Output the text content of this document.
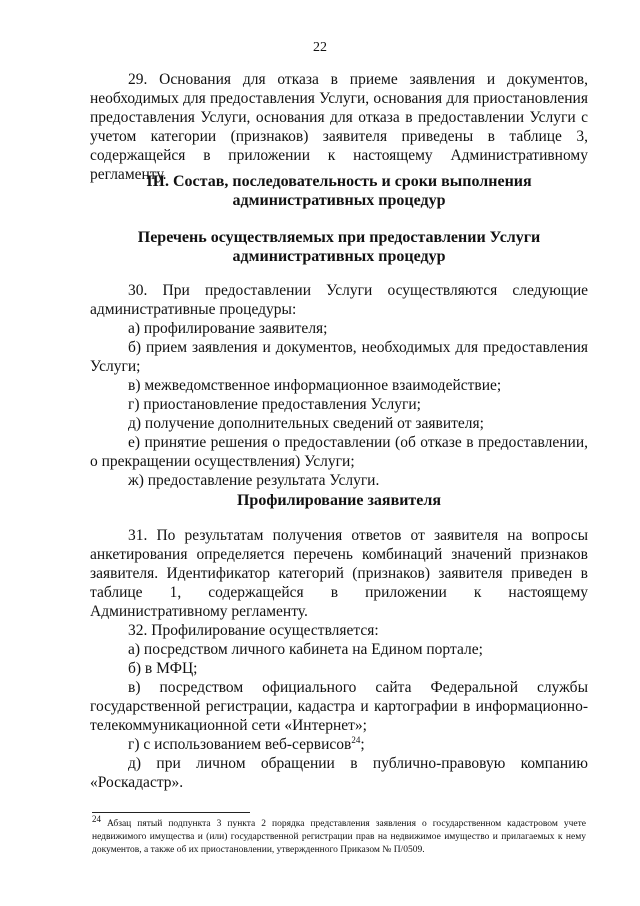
22
29. Основания для отказа в приеме заявления и документов, необходимых для предоставления Услуги, основания для приостановления предоставления Услуги, основания для отказа в предоставлении Услуги с учетом категории (признаков) заявителя приведены в таблице 3, содержащейся в приложении к настоящему Административному регламенту.
III. Состав, последовательность и сроки выполнения административных процедур
Перечень осуществляемых при предоставлении Услуги административных процедур

30. При предоставлении Услуги осуществляются следующие административные процедуры:

а) профилирование заявителя;

б) прием заявления и документов, необходимых для предоставления Услуги;

в) межведомственное информационное взаимодействие;

г) приостановление предоставления Услуги;

д) получение дополнительных сведений от заявителя;

е) принятие решения о предоставлении (об отказе в предоставлении, о прекращении осуществления) Услуги;

ж) предоставление результата Услуги.

Профилирование заявителя

31. По результатам получения ответов от заявителя на вопросы анкетирования определяется перечень комбинаций значений признаков заявителя. Идентификатор категорий (признаков) заявителя приведен в таблице 1, содержащейся в приложении к настоящему Административному регламенту.

32. Профилирование осуществляется:

а) посредством личного кабинета на Едином портале;

б) в МФЦ;

в) посредством официального сайта Федеральной службы государственной регистрации, кадастра и картографии в информационно-телекоммуникационной сети «Интернет»;

г) с использованием веб-сервисов$^{24}$;

д) при личном обращении в публично-правовую компанию «Роскадастр».

$^{24}$ Абзац пятый подпункта 3 пункта 2 порядка представления заявления о государственном кадастровом учете недвижимого имущества и (или) государственной регистрации прав на недвижимое имущество и прилагаемых к нему документов, а также об их приостановлении, утвержденного Приказом № П/0509.
